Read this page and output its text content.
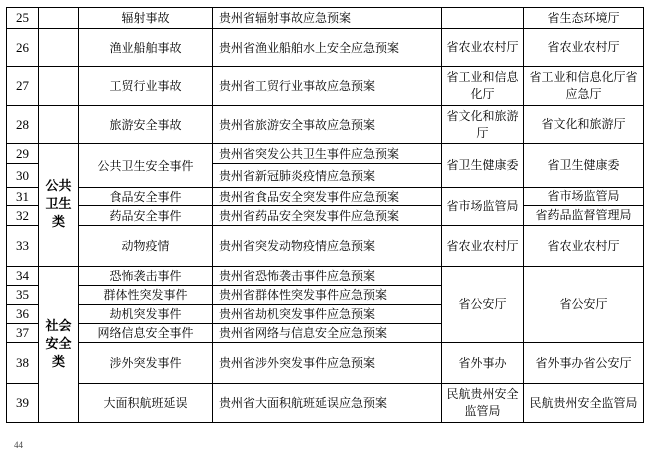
25		辐射事故	贵州省辐射事故应急预案		省生态环境厅
26		渔业船舶事故	贵州省渔业船舶水上安全应急预案	省农业农村厅	省农业农村厅
27		工贸行业事故	贵州省工贸行业事故应急预案	省工业和信息化厅	省工业和信息化厅省应急厅
28		旅游安全事故	贵州省旅游安全事故应急预案	省文化和旅游厅	省文化和旅游厅
29	公共卫生类	公共卫生安全事件	贵州省突发公共卫生事件应急预案	省卫生健康委	省卫生健康委
30			贵州省新冠肺炎疫情应急预案		
31		食品安全事件	贵州省食品安全突发事件应急预案	省市场监管局	省市场监管局
32		药品安全事件	贵州省药品安全突发事件应急预案		省药品监督管理局
33		动物疫情	贵州省突发动物疫情应急预案	省农业农村厅	省农业农村厅
34	社会安全类	恐怖袭击事件	贵州省恐怖袭击事件应急预案	省公安厅	省公安厅
35		群体性突发事件	贵州省群体性突发事件应急预案		
36		劫机突发事件	贵州省劫机突发事件应急预案		
37		网络信息安全事件	贵州省网络与信息安全应急预案		
38		涉外突发事件	贵州省涉外突发事件应急预案	省外事办	省外事办省公安厅
39		大面积航班延误	贵州省大面积航班延误应急预案	民航贵州安全监管局	民航贵州安全监管局
44
